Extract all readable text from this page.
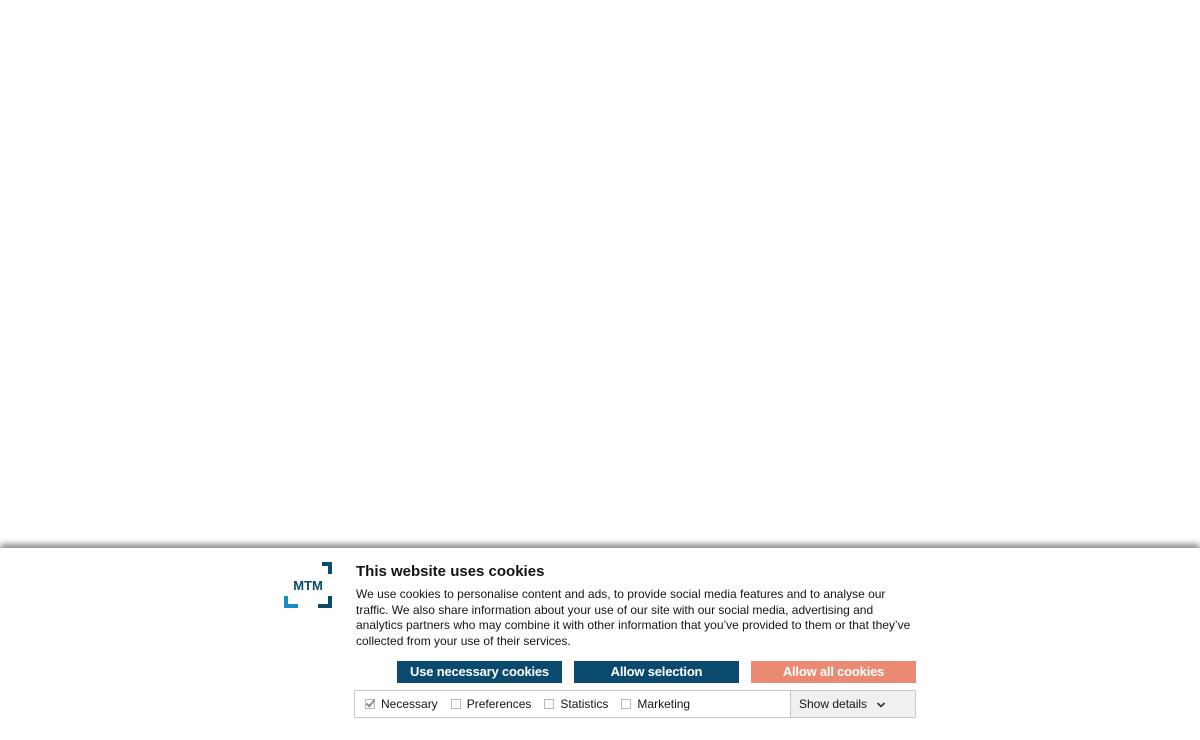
MTM
This website uses cookies

We use cookies to personalise content and ads, to provide social media features and to analyse our traffic. We also share information about your use of our site with our social media, advertising and analytics partners who may combine it with other information that you’ve provided to them or that they’ve collected from your use of their services.

Use necessary cookies only
Allow selection	Allow all cookies
Necessary Preferences Statistics Marketing	Show details
